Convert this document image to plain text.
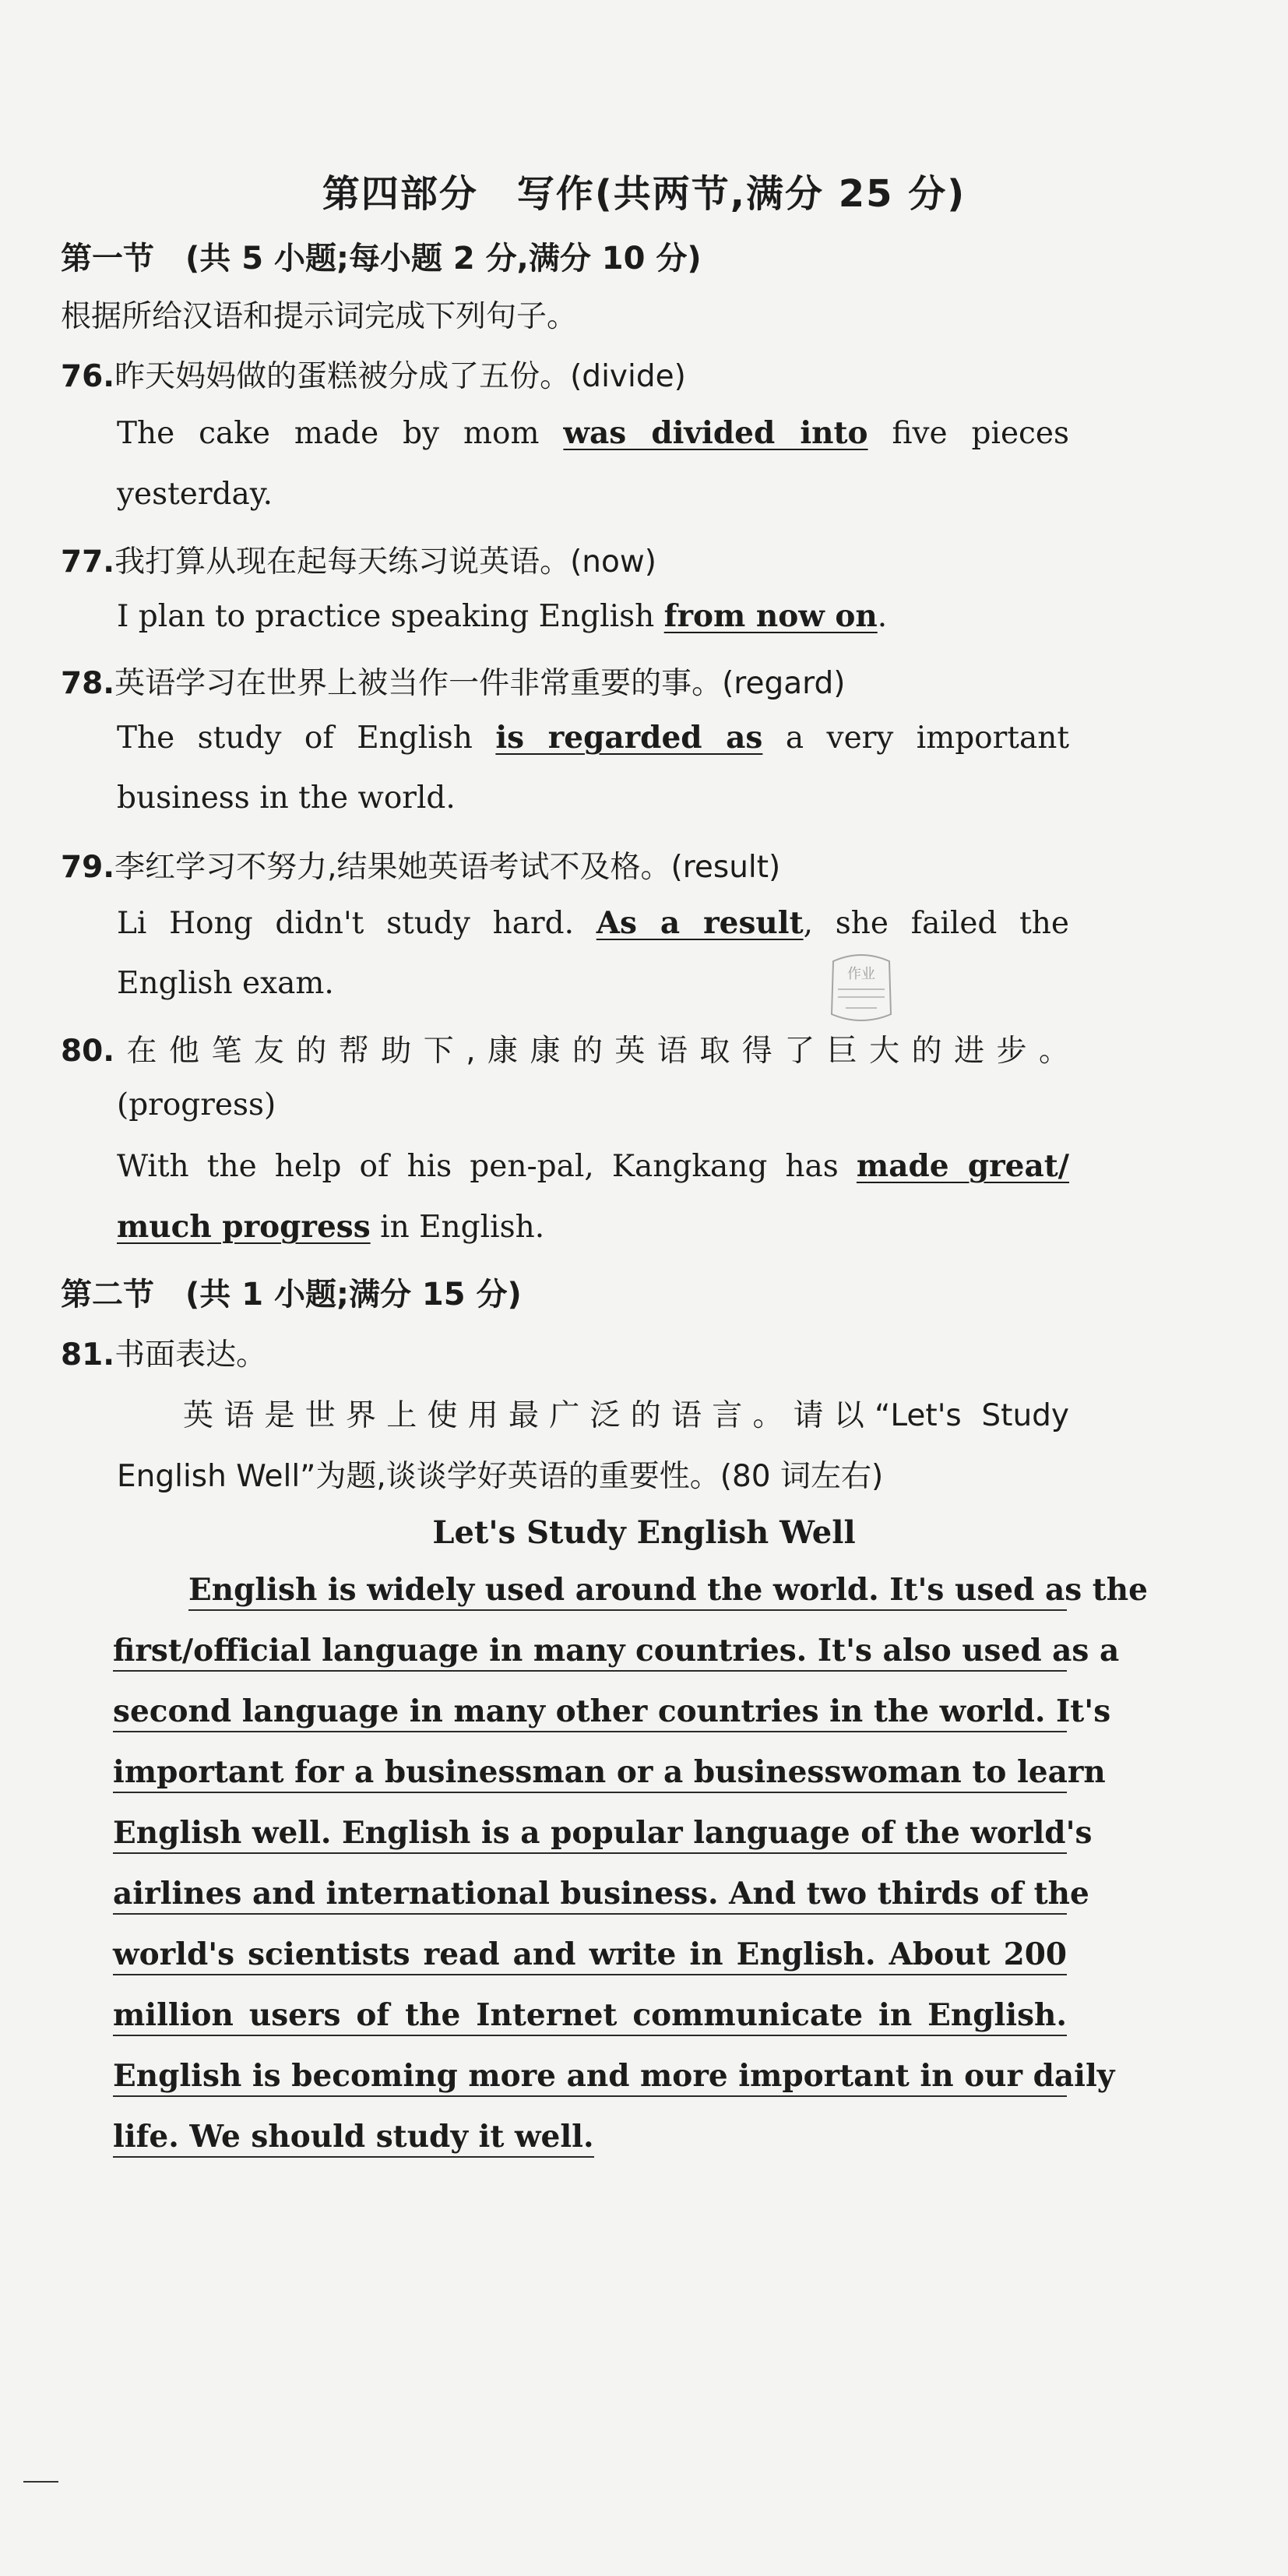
第四部分　写作(共两节,满分 25 分)
第一节　(共 5 小题;每小题 2 分,满分 10 分)
根据所给汉语和提示词完成下列句子。
76.昨天妈妈做的蛋糕被分成了五份。(divide)
The cake made by mom was divided into five pieces
yesterday.
77.我打算从现在起每天练习说英语。(now)
I plan to practice speaking English from now on.
78.英语学习在世界上被当作一件非常重要的事。(regard)
The study of English is regarded as a very important
business in the world.
79.李红学习不努力,结果她英语考试不及格。(result)
Li Hong didn't study hard. As a result, she failed the
English exam.	作业
80.在他笔友的帮助下,康康的英语取得了巨大的进步。
(progress)
With the help of his pen-pal, Kangkang has made great/
much progress in English.
第二节　(共 1 小题;满分 15 分)
81.书面表达。
英语是世界上使用最广泛的语言。请以“Let's Study
English Well”为题,谈谈学好英语的重要性。(80 词左右)
Let's Study English Well
English is widely used around the world. It's used as the
first/official language in many countries. It's also used as a
second language in many other countries in the world. It's
important for a businessman or a businesswoman to learn
English well. English is a popular language of the world's
airlines and international business. And two thirds of the
world's scientists read and write in English. About 200
million users of the Internet communicate in English.
English is becoming more and more important in our daily
life. We should study it well.
